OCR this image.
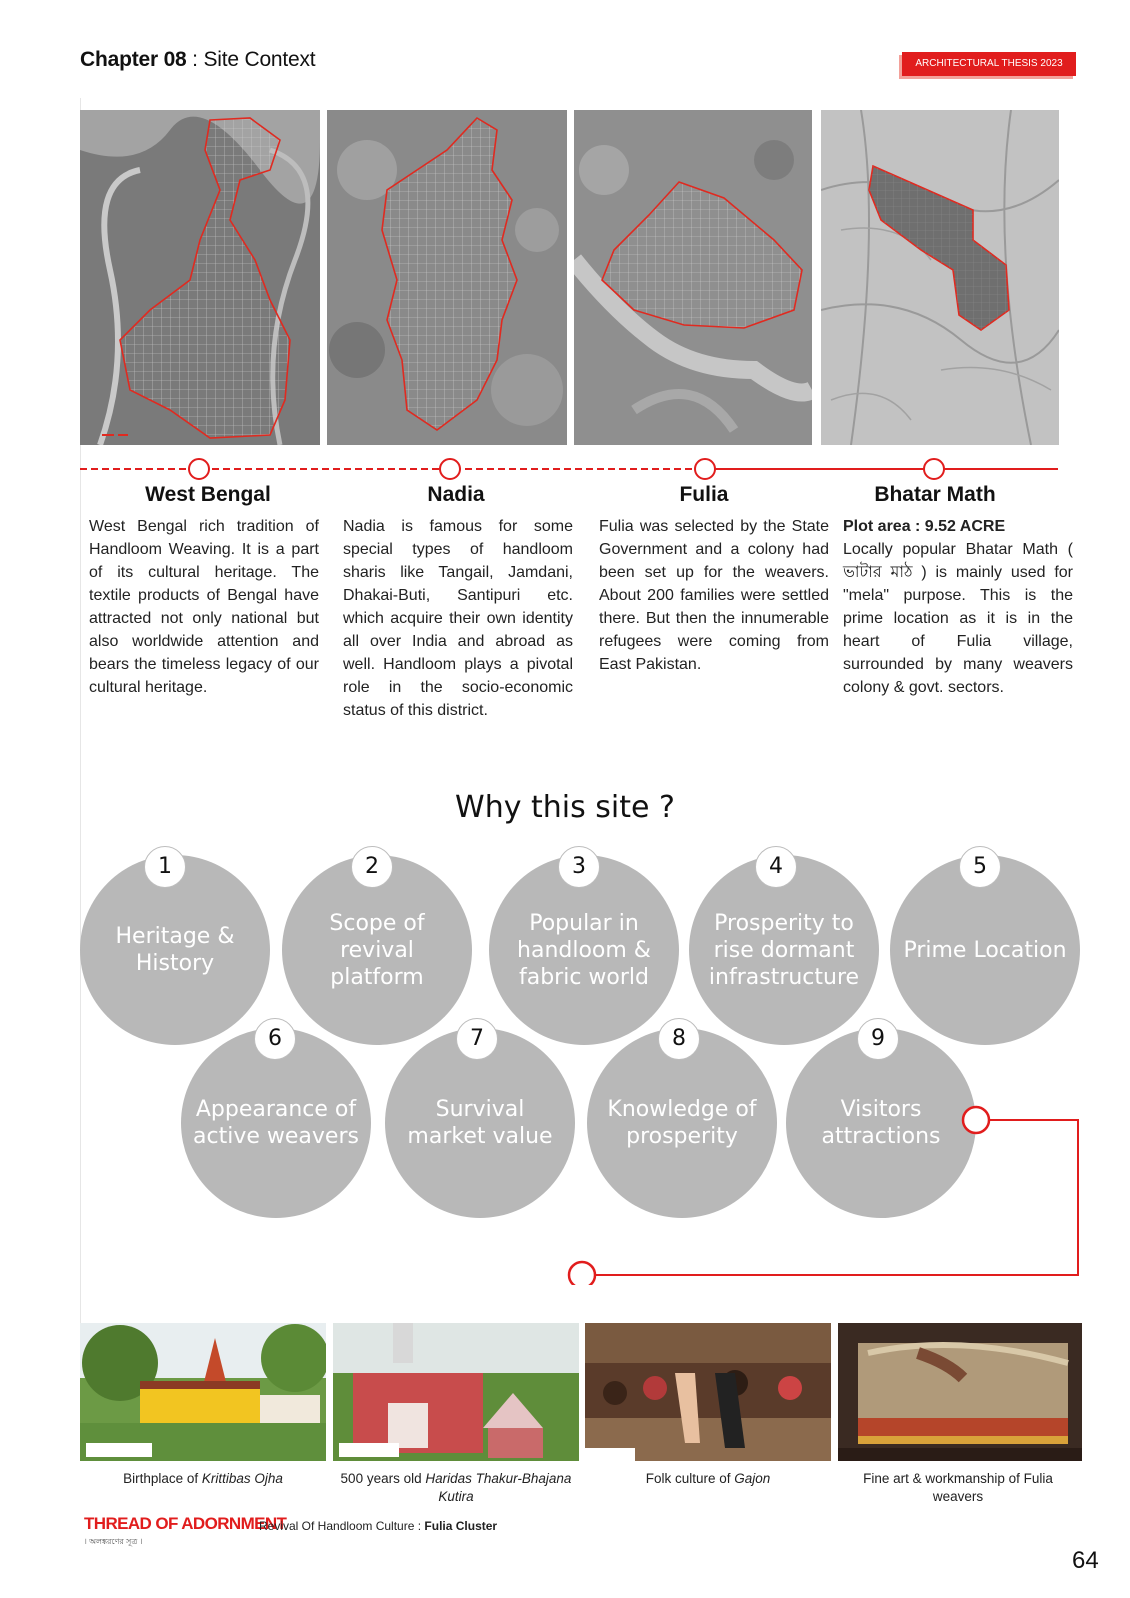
Chapter 08 : Site Context	ARCHITECTURAL THESIS 2023
West Bengal	Nadia	Fulia	Bhatar Math
West Bengal rich tradition of Handloom Weaving. It is a part of its cultural heritage. The textile products of Bengal have attracted not only national but also worldwide attention and bears the timeless legacy of our cultural heritage.
Nadia is famous for some special types of handloom sharis like Tangail, Jamdani, Dhakai-Buti, Santipuri etc. which acquire their own identity all over India and abroad as well. Handloom plays a pivotal role in the socio-economic status of this district.
Fulia was selected by the State Government and a colony had been set up for the weavers. About 200 families were settled there. But then the innumerable refugees were coming from East Pakistan.
Plot area : 9.52 ACRE
Locally popular Bhatar Math ( ভাটার মাঠ ) is mainly used for "mela" purpose. This is the prime location as it is in the heart of Fulia village, surrounded by many weavers colony & govt. sectors.
Why this site ?
Heritage & History
Scope of revival platform
Popular in handloom & fabric world
Prosperity to rise dormant infrastructure
Prime Location
Appearance of active weavers
Survival market value
Knowledge of prosperity
Visitors attractions
1	2	3	4	5
6	7	8	9
Birthplace of Krittibas Ojha	500 years old Haridas Thakur-Bhajana Kutira
Folk culture of Gajon	Fine art & workmanship of Fulia weavers
THREAD OF ADORNMENT
। অলঙ্করণের সূত্র ।
Revival Of Handloom Culture : Fulia Cluster
64
